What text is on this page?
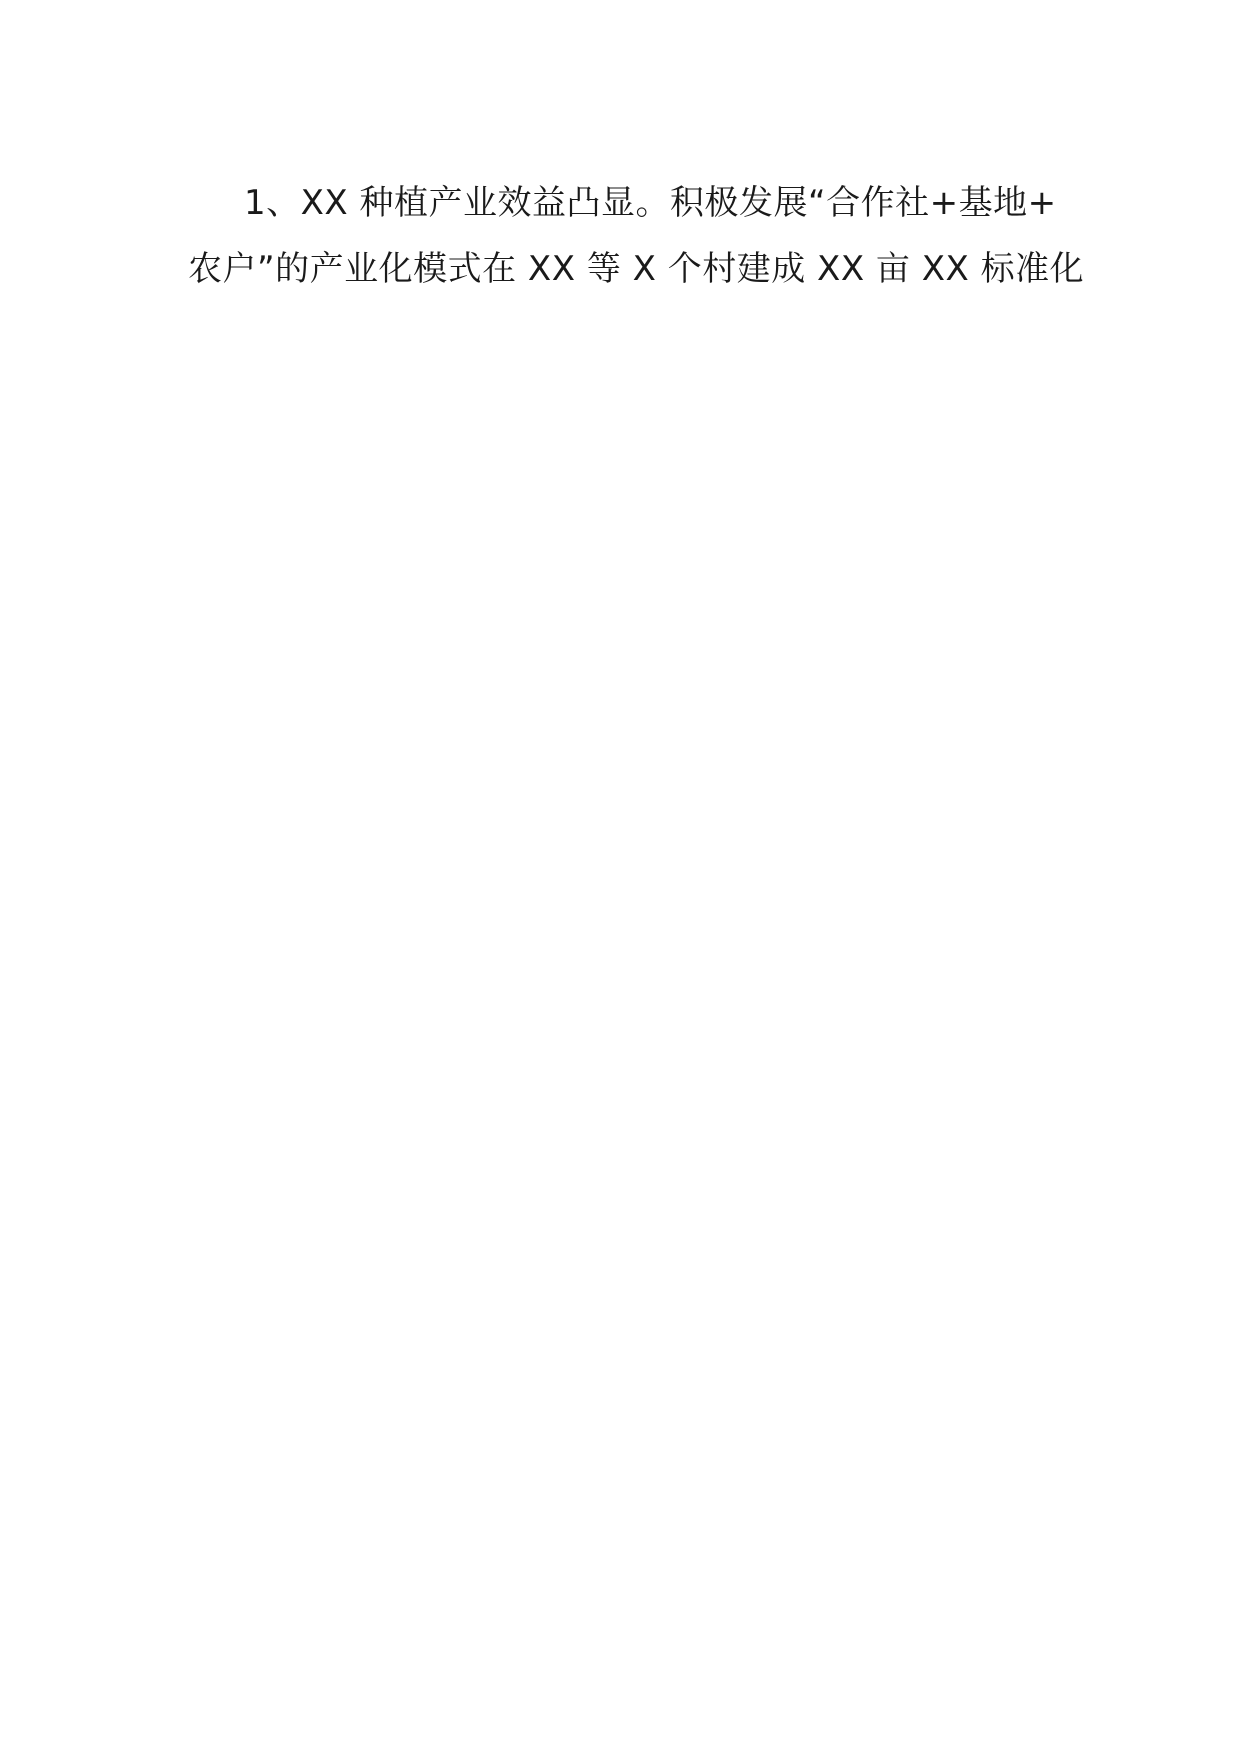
1、XX 种植产业效益凸显。积极发展“合作社+基地+
农户”的产业化模式在 XX 等 X 个村建成 XX 亩 XX 标准化
